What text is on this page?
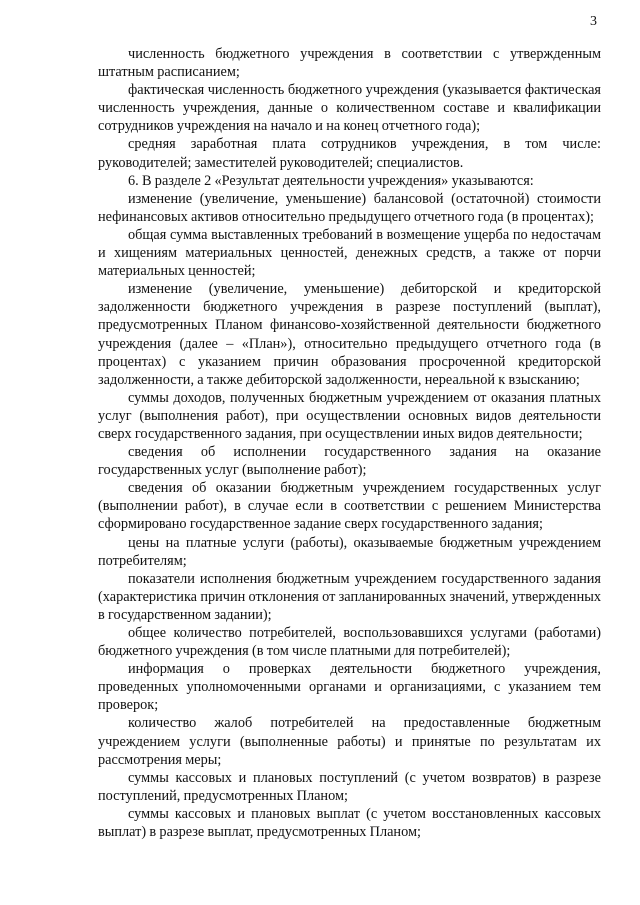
3

численность бюджетного учреждения в соответствии с утвержденным штатным расписанием;

фактическая численность бюджетного учреждения (указывается фактическая численность учреждения, данные о количественном составе и квалификации сотрудников учреждения на начало и на конец отчетного года);

средняя заработная плата сотрудников учреждения, в том числе: руководителей; заместителей руководителей; специалистов.

6. В разделе 2 «Результат деятельности учреждения» указываются:

изменение (увеличение, уменьшение) балансовой (остаточной) стоимости нефинансовых активов относительно предыдущего отчетного года (в процентах);

общая сумма выставленных требований в возмещение ущерба по недостачам и хищениям материальных ценностей, денежных средств, а также от порчи материальных ценностей;

изменение (увеличение, уменьшение) дебиторской и кредиторской задолженности бюджетного учреждения в разрезе поступлений (выплат), предусмотренных Планом финансово-хозяйственной деятельности бюджетного учреждения (далее – «План»), относительно предыдущего отчетного года (в процентах) с указанием причин образования просроченной кредиторской задолженности, а также дебиторской задолженности, нереальной к взысканию;

суммы доходов, полученных бюджетным учреждением от оказания платных услуг (выполнения работ), при осуществлении основных видов деятельности сверх государственного задания, при осуществлении иных видов деятельности;

сведения об исполнении государственного задания на оказание государственных услуг (выполнение работ);

сведения об оказании бюджетным учреждением государственных услуг (выполнении работ), в случае если в соответствии с решением Министерства сформировано государственное задание сверх государственного задания;

цены на платные услуги (работы), оказываемые бюджетным учреждением потребителям;

показатели исполнения бюджетным учреждением государственного задания (характеристика причин отклонения от запланированных значений, утвержденных в государственном задании);

общее количество потребителей, воспользовавшихся услугами (работами) бюджетного учреждения (в том числе платными для потребителей);

информация о проверках деятельности бюджетного учреждения, проведенных уполномоченными органами и организациями, с указанием тем проверок;

количество жалоб потребителей на предоставленные бюджетным учреждением услуги (выполненные работы) и принятые по результатам их рассмотрения меры;

суммы кассовых и плановых поступлений (с учетом возвратов) в разрезе поступлений, предусмотренных Планом;

суммы кассовых и плановых выплат (с учетом восстановленных кассовых выплат) в разрезе выплат, предусмотренных Планом;
